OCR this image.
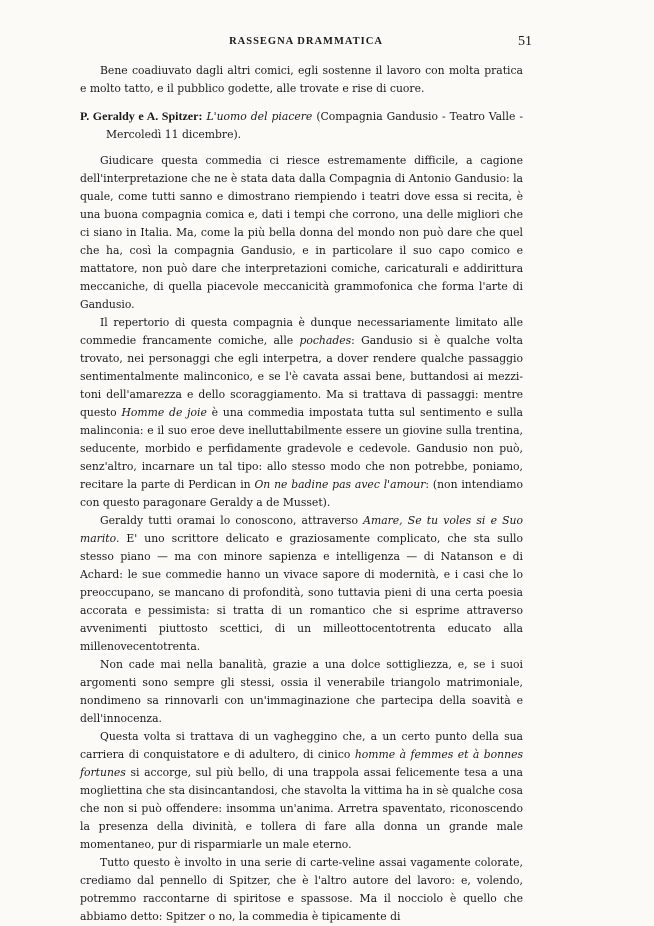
RASSEGNA DRAMMATICA	51

Bene coadiuvato dagli altri comici, egli sostenne il lavoro con molta pratica e molto tatto, e il pubblico godette, alle trovate e rise di cuore.

P. Geraldy e A. Spitzer: L'uomo del piacere (Compagnia Gandusio - Teatro Valle - Mercoledì 11 dicembre).

Giudicare questa commedia ci riesce estremamente difficile, a cagione dell'interpretazione che ne è stata data dalla Compagnia di Antonio Gandusio: la quale, come tutti sanno e dimostrano riempiendo i teatri dove essa si recita, è una buona compagnia comica e, dati i tempi che corrono, una delle migliori che ci siano in Italia. Ma, come la più bella donna del mondo non può dare che quel che ha, così la compagnia Gandusio, e in particolare il suo capo comico e mattatore, non può dare che interpretazioni comiche, caricaturali e addirittura meccaniche, di quella piacevole meccanicità grammofonica che forma l'arte di Gandusio.

Il repertorio di questa compagnia è dunque necessariamente limitato alle commedie francamente comiche, alle pochades: Gandusio si è qualche volta trovato, nei personaggi che egli interpetra, a dover rendere qualche passaggio sentimentalmente malinconico, e se l'è cavata assai bene, buttandosi ai mezzi-toni dell'amarezza e dello scoraggiamento. Ma si trattava di passaggi: mentre questo Homme de joie è una commedia impostata tutta sul sentimento e sulla malinconia: e il suo eroe deve inelluttabilmente essere un giovine sulla trentina, seducente, morbido e perfidamente gradevole e cedevole. Gandusio non può, senz'altro, incarnare un tal tipo: allo stesso modo che non potrebbe, poniamo, recitare la parte di Perdican in On ne badine pas avec l'amour: (non intendiamo con questo paragonare Geraldy a de Musset).

Geraldy tutti oramai lo conoscono, attraverso Amare, Se tu voles si e Suo marito. E' uno scrittore delicato e graziosamente complicato, che sta sullo stesso piano — ma con minore sapienza e intelligenza — di Natanson e di Achard: le sue commedie hanno un vivace sapore di modernità, e i casi che lo preoccupano, se mancano di profondità, sono tuttavia pieni di una certa poesia accorata e pessimista: si tratta di un romantico che si esprime attraverso avvenimenti piuttosto scettici, di un milleottocentotrenta educato alla millenovecentotrenta.

Non cade mai nella banalità, grazie a una dolce sottigliezza, e, se i suoi argomenti sono sempre gli stessi, ossia il venerabile triangolo matrimoniale, nondimeno sa rinnovarli con un'immaginazione che partecipa della soavità e dell'innocenza.

Questa volta si trattava di un vagheggino che, a un certo punto della sua carriera di conquistatore e di adultero, di cinico homme à femmes et à bonnes fortunes si accorge, sul più bello, di una trappola assai felicemente tesa a una mogliettina che sta disincantandosi, che stavolta la vittima ha in sè qualche cosa che non si può offendere: insomma un'anima. Arretra spaventato, riconoscendo la presenza della divinità, e tollera di fare alla donna un grande male momentaneo, pur di risparmiarle un male eterno.

Tutto questo è involto in una serie di carte-veline assai vagamente colorate, crediamo dal pennello di Spitzer, che è l'altro autore del lavoro: e, volendo, potremmo raccontarne di spiritose e spassose. Ma il nocciolo è quello che abbiamo detto: Spitzer o no, la commedia è tipicamente di
